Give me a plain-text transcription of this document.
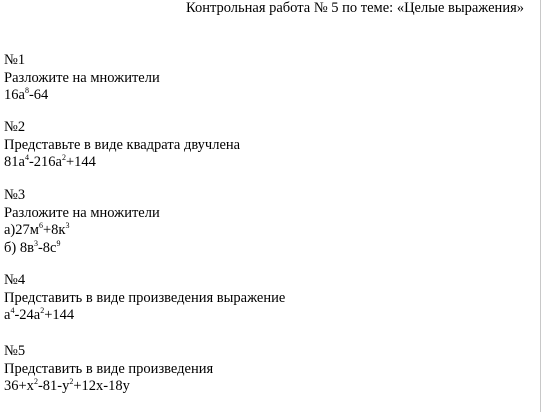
Контрольная работа № 5 по теме: «Целые выражения»
№1
Разложите на множители
$16a^8-64$
№2
Представьте в виде квадрата двучлена
$81a^4-216a^2+144$
№3
Разложите на множители
$а)27м^6+8к^3$
б) $8в^3-8c^9$
№4
Представить в виде произведения выражение
$a^4-24a^2+144$
№5
Представить в виде произведения
$36+x^2-81-y^2+12x-18y$
